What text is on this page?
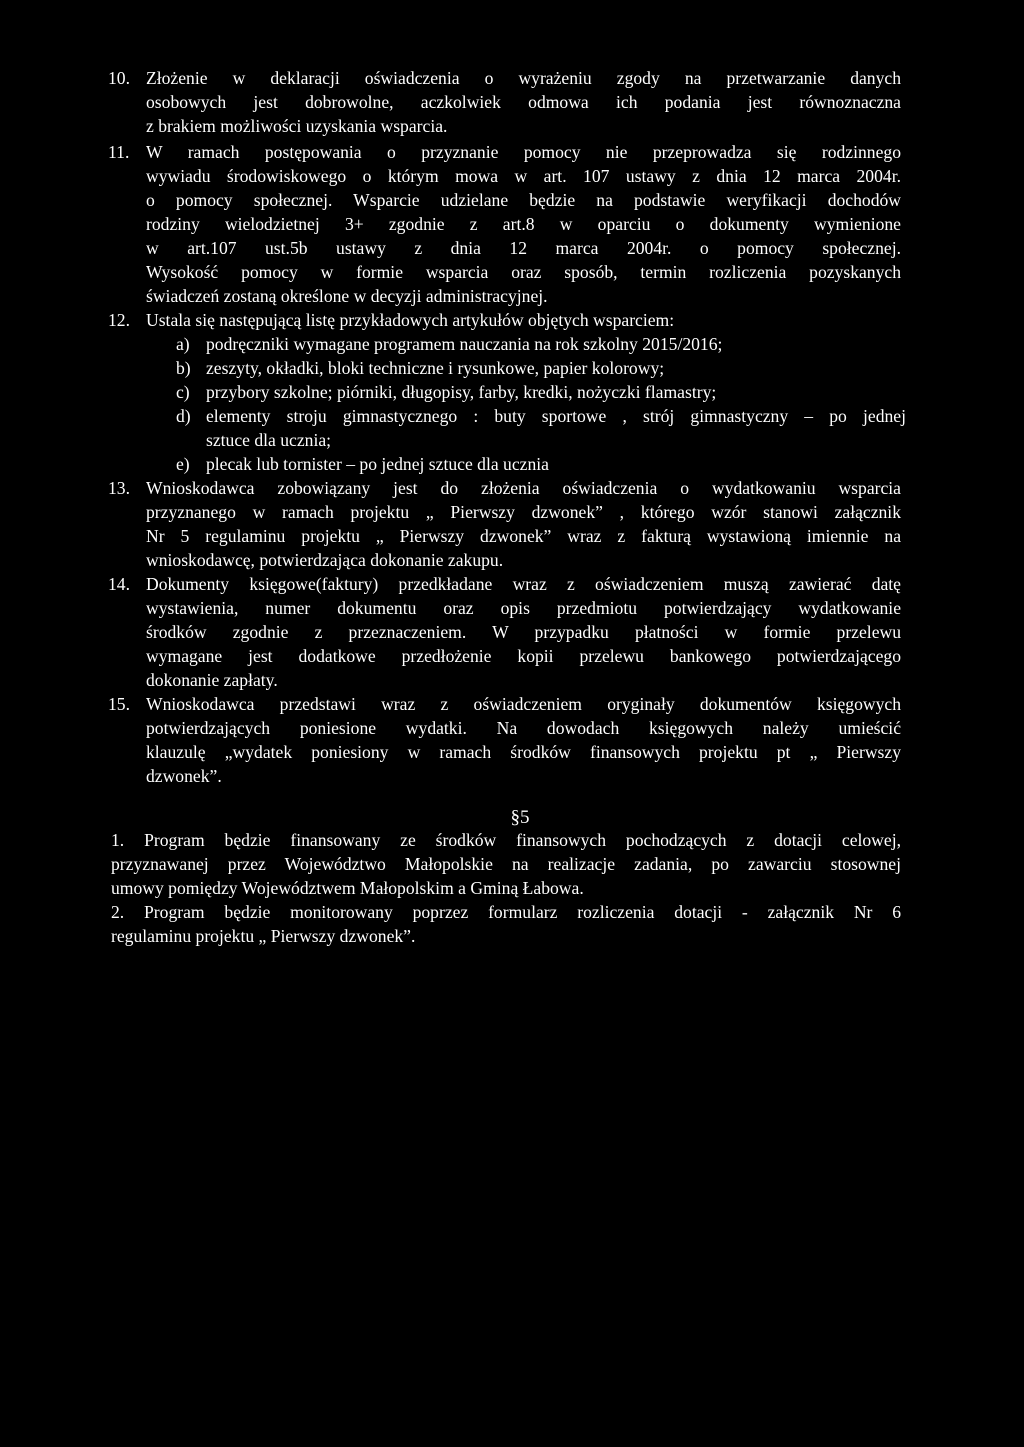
10. Złożenie w deklaracji oświadczenia o wyrażeniu zgody na przetwarzanie danych
osobowych jest dobrowolne, aczkolwiek odmowa ich podania jest równoznaczna
z brakiem możliwości uzyskania wsparcia.
11. W ramach postępowania o przyznanie pomocy nie przeprowadza się rodzinnego
wywiadu środowiskowego o którym mowa w art. 107 ustawy z dnia 12 marca 2004r.
o pomocy społecznej. Wsparcie udzielane będzie na podstawie weryfikacji dochodów
rodziny wielodzietnej 3+ zgodnie z art.8 w oparciu o dokumenty wymienione
w art.107 ust.5b ustawy z dnia 12 marca 2004r. o pomocy społecznej.
Wysokość pomocy w formie wsparcia oraz sposób, termin rozliczenia pozyskanych
świadczeń zostaną określone w decyzji administracyjnej.
12. Ustala się następującą listę przykładowych artykułów objętych wsparciem:
a) podręczniki wymagane programem nauczania na rok szkolny 2015/2016;
b) zeszyty, okładki, bloki techniczne i rysunkowe, papier kolorowy;
c) przybory szkolne; piórniki, długopisy, farby, kredki, nożyczki flamastry;
d) elementy stroju gimnastycznego : buty sportowe , strój gimnastyczny – po jednej
sztuce dla ucznia;
e) plecak lub tornister – po jednej sztuce dla ucznia
13. Wnioskodawca zobowiązany jest do złożenia oświadczenia o wydatkowaniu wsparcia
przyznanego w ramach projektu „ Pierwszy dzwonek” , którego wzór stanowi załącznik
Nr 5 regulaminu projektu „ Pierwszy dzwonek” wraz z fakturą wystawioną imiennie na
wnioskodawcę, potwierdzająca dokonanie zakupu.
14. Dokumenty księgowe(faktury) przedkładane wraz z oświadczeniem muszą zawierać datę
wystawienia, numer dokumentu oraz opis przedmiotu potwierdzający wydatkowanie
środków zgodnie z przeznaczeniem. W przypadku płatności w formie przelewu
wymagane jest dodatkowe przedłożenie kopii przelewu bankowego potwierdzającego
dokonanie zapłaty.
15. Wnioskodawca przedstawi wraz z oświadczeniem oryginały dokumentów księgowych
potwierdzających poniesione wydatki. Na dowodach księgowych należy umieścić
klauzulę „wydatek poniesiony w ramach środków finansowych projektu pt „ Pierwszy
dzwonek”.
§5
1. Program będzie finansowany ze środków finansowych pochodzących z dotacji celowej,
przyznawanej przez Województwo Małopolskie na realizacje zadania, po zawarciu stosownej
umowy pomiędzy Województwem Małopolskim a Gminą Łabowa.
2. Program będzie monitorowany poprzez formularz rozliczenia dotacji - załącznik Nr 6
regulaminu projektu „ Pierwszy dzwonek”.
